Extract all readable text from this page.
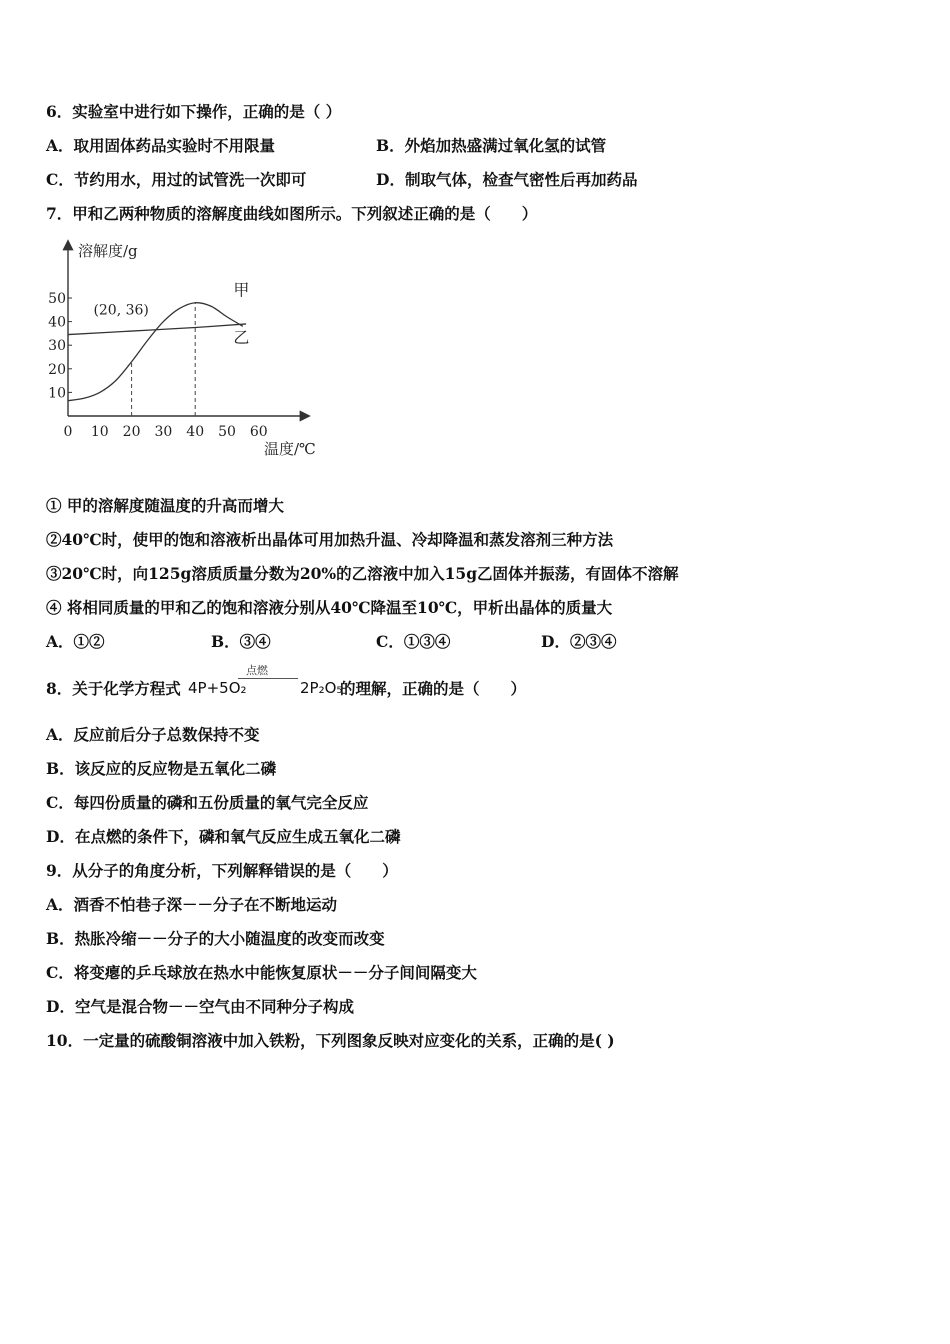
6．实验室中进行如下操作，正确的是（ ）
A．取用固体药品实验时不用限量	B．外焰加热盛满过氧化氢的试管
C．节约用水，用过的试管洗一次即可	D．制取气体，检查气密性后再加药品
7．甲和乙两种物质的溶解度曲线如图所示。下列叙述正确的是（　　）
溶解度/g
温度/℃
0 10 20 30 40 50 60
10
20
30
40
50	甲
乙
(20, 36)
① 甲的溶解度随温度的升高而增大
②40℃时，使甲的饱和溶液析出晶体可用加热升温、冷却降温和蒸发溶剂三种方法
③20℃时，向125g溶质质量分数为20%的乙溶液中加入15g乙固体并振荡，有固体不溶解
④ 将相同质量的甲和乙的饱和溶液分别从40℃降温至10℃，甲析出晶体的质量大
A．①②	B．③④	C．①③④	D．②③④
8．关于化学方程式 4P+5O₂
点燃
2P₂O₅
的理解，正确的是（　　）
A．反应前后分子总数保持不变
B．该反应的反应物是五氧化二磷
C．每四份质量的磷和五份质量的氧气完全反应
D．在点燃的条件下，磷和氧气反应生成五氧化二磷
9．从分子的角度分析，下列解释错误的是（　　）
A．酒香不怕巷子深－－分子在不断地运动
B．热胀冷缩－－分子的大小随温度的改变而改变
C．将变瘪的乒乓球放在热水中能恢复原状－－分子间间隔变大
D．空气是混合物－－空气由不同种分子构成
10．一定量的硫酸铜溶液中加入铁粉，下列图象反映对应变化的关系，正确的是( )
